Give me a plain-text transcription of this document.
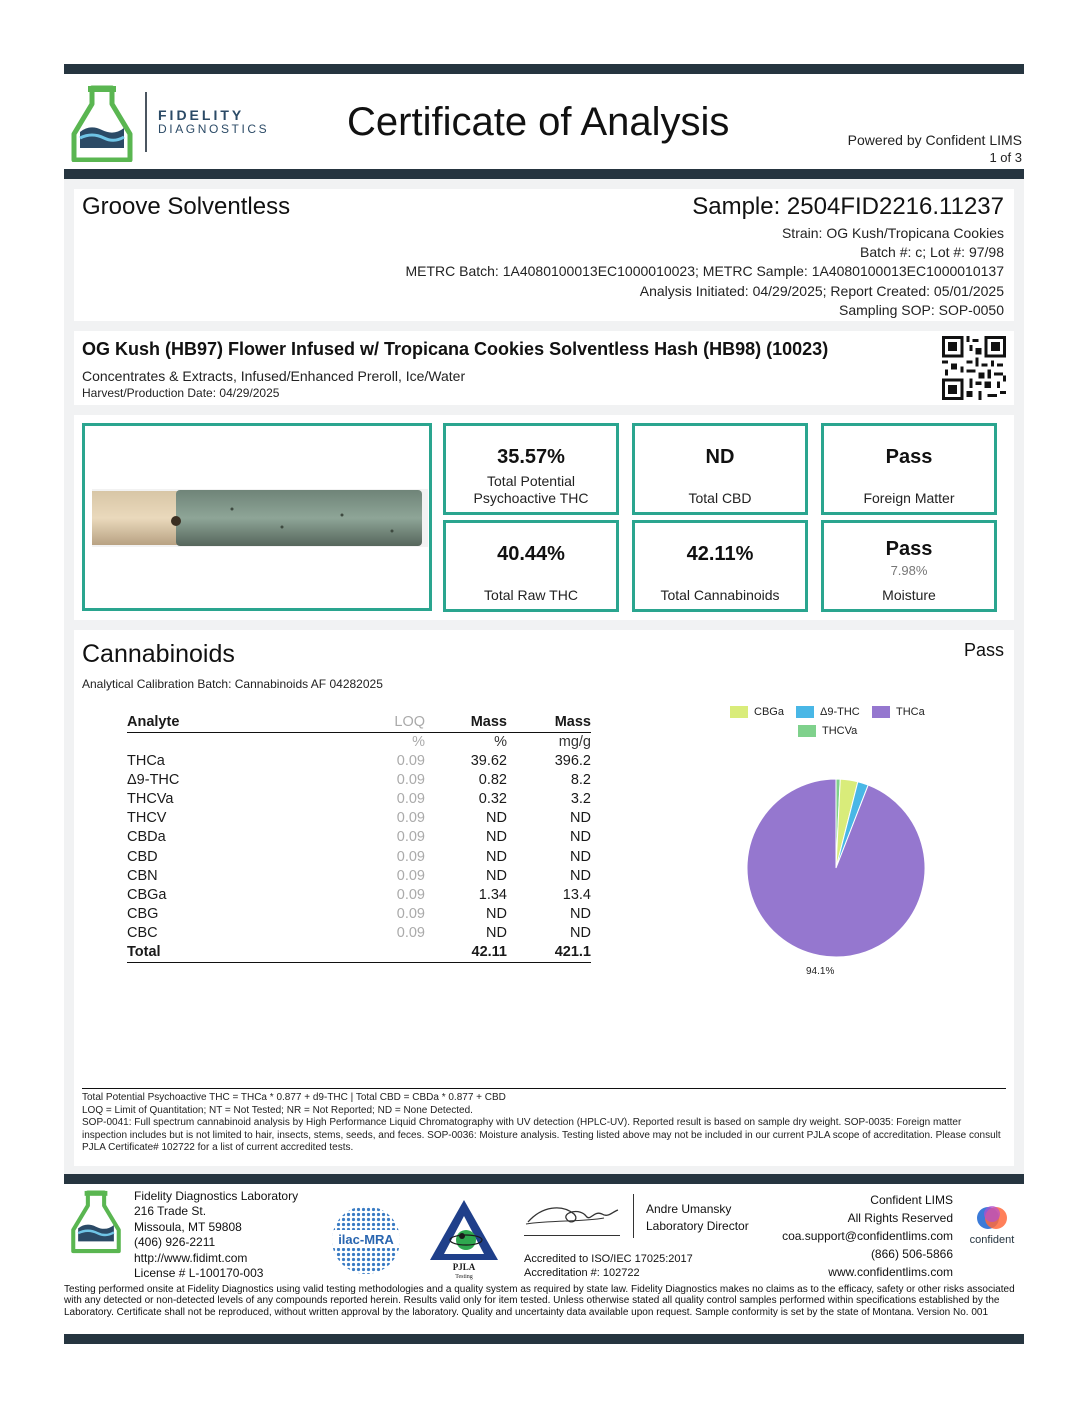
FIDELITY
DIAGNOSTICS Certificate of Analysis	Powered by Confident LIMS
1 of 3
Groove Solventless	Sample: 2504FID2216.11237
Strain: OG Kush/Tropicana Cookies
Batch #: c; Lot #: 97/98
METRC Batch: 1A4080100013EC1000010023; METRC Sample: 1A4080100013EC1000010137
Analysis Initiated: 04/29/2025; Report Created: 05/01/2025
Sampling SOP: SOP-0050
OG Kush (HB97) Flower Infused w/ Tropicana Cookies Solventless Hash (HB98) (10023)
Concentrates & Extracts, Infused/Enhanced Preroll, Ice/Water
Harvest/Production Date: 04/29/2025
35.57%
Total Potential
Psychoactive THC
ND
Total CBD
Pass
Foreign Matter
40.44%
Total Raw THC
42.11%
Total Cannabinoids
Pass
7.98%
Moisture
Cannabinoids	Pass
Analytical Calibration Batch: Cannabinoids AF 04282025
Analyte	LOQ	Mass	Mass
	%	%	mg/g
THCa	0.09	39.62	396.2
Δ9-THC	0.09	0.82	8.2
THCVa	0.09	0.32	3.2
THCV	0.09	ND	ND
CBDa	0.09	ND	ND
CBD	0.09	ND	ND
CBN	0.09	ND	ND
CBGa	0.09	1.34	13.4
CBG	0.09	ND	ND
CBC	0.09	ND	ND
Total		42.11	421.1
CBGa	Δ9-THC	THCa
THCVa
94.1%
Total Potential Psychoactive THC = THCa * 0.877 + d9-THC | Total CBD = CBDa * 0.877 + CBD
LOQ = Limit of Quantitation; NT = Not Tested; NR = Not Reported; ND = None Detected.
SOP-0041: Full spectrum cannabinoid analysis by High Performance Liquid Chromatography with UV detection (HPLC-UV). Reported result is based on sample dry weight. SOP-0035: Foreign matter inspection includes but is not limited to hair, insects, stems, seeds, and feces. SOP-0036: Moisture analysis. Testing listed above may not be included in our current PJLA scope of accreditation. Please consult PJLA Certificate# 102722 for a list of current accredited tests.
Fidelity Diagnostics Laboratory
216 Trade St.
Missoula, MT 59808
(406) 926-2211
http://www.fidimt.com
License # L-100170-003
ilac-MRA
PJLA
Testing
Andre Umansky
Laboratory Director
Accredited to ISO/IEC 17025:2017
Accreditation #: 102722
Confident LIMS
All Rights Reserved
coa.support@confidentlims.com
(866) 506-5866
www.confidentlims.com
confident
Testing performed onsite at Fidelity Diagnostics using valid testing methodologies and a quality system as required by state law. Fidelity Diagnostics makes no claims as to the efficacy, safety or other risks associated with any detected or non-detected levels of any compounds reported herein. Results valid only for item tested. Unless otherwise stated all quality control samples performed within specifications established by the Laboratory. Certificate shall not be reproduced, without written approval by the laboratory. Quality and uncertainty data available upon request. Sample conformity is set by the state of Montana. Version No. 001
